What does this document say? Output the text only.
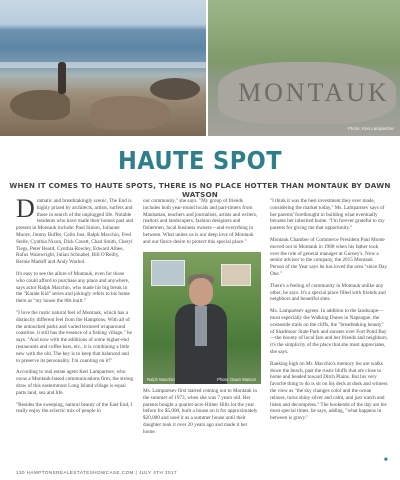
MONTAUK
Photo: Ken Lampertzer
HAUTE SPOT
WHEN IT COMES TO HAUTE SPOTS, THERE IS NO PLACE HOTTER THAN MONTAUK BY DAWN WATSON

Dramatic and breathtakingly scenic, The End is highly prized by architects, artists, surfers and those in search of the unplugged life. Notable residents who have made their homes past and present in Montauk include: Paul Simon, Julianne Moore, Jimmy Buffet, Colin Jost, Ralph Macchio, Fred Stelle, Cynthia Nixon, Dick Cavett, Chad Smith, Cheryl Tiegs, Peter Beard, Cynthia Rowley, Edward Albee, Rufus Wainwright, Julian Schnabel, Bill O'Reilly, Bernie Madoff and Andy Warhol.

It's easy to see the allure of Montauk, even for those who could afford to purchase any place and anywhere, says actor Ralph Macchio, who made his big break in the "Karate Kid" series and jokingly refers to his home there as "my house the 80s built."

"I love the rustic natural feel of Montauk, which has a distinctly different feel from the Hamptons. With all of the untouched parks and varied textured wraparound coastline, it still has the essence of a fishing village," he says. "And now with the additions of some higher-end restaurants and coffee bars, etc., it is combining a little new with the old. The key is to keep that balanced and to preserve its personality. I'm counting on it!"

According to real estate agent Keri Lampartsev, who owns a Montauk-based communications firm, the strong draw of this easternmost Long Island village is equal parts land, sea and life.

"Besides the sweeping, natural beauty of the East End, I really enjoy the eclectic mix of people in

our community," she says. "My group of friends includes both year-round locals and part-timers from Manhattan, teachers and journalists, artists and writers, realtors and landscapers, fashion designers and fishermen, local business owners—and everything in between. What unites us is our deep love of Montauk and our fierce desire to protect this special place."

Ralph Macchio	Photo: Dawn Watson

Ms. Lampartsev first started coming out to Montauk in the summer of 1973, when she was 7 years old. Her parents bought a quarter-acre Hither Hills lot the year before for $5,000, built a house on it for approximately $20,000 and used it as a summer house until their daughter took it over 20 years ago and made it her home.

"I think it was the best investment they ever made, considering the market today," Ms. Lampartsev says of her parents' forethought in building what eventually became her inherited home. "I'm forever grateful to my parents for giving me that opportunity."

Montauk Chamber of Commerce President Paul Monte moved out to Montauk in 1988 when his father took over the role of general manager at Gurney's. Now a senior advisor to the company, the 2015 Montauk Person of the Year says he has loved the area "since Day One."

There's a feeling of community in Montauk unlike any other, he says. It's a special place filled with friends and neighbors and beautiful sites.

Ms. Lampartsev agrees. In addition to the landscape—most especially the Walking Dunes in Napeague, the oceanside trails on the cliffs, the "breathtaking beauty" of Shadmoor State Park and sunsets over Fort Pond Bay—the bounty of local fare and her friends and neighbors, it's the simplicity of the place that she most appreciates, she says.

Ranking high on Mr. Macchio's memory list are walks down the beach, past the rustic bluffs that are close to home and headed toward Ditch Plains. But his very favorite thing to do is sit on his deck at dusk and witness the view as "the sky changes color and the ocean relaxes, turns shiny silver and calm, and just watch and listen and decompress." The bookends of the day are his most special times, he says, adding, "what happens in between is gravy."

■
130 HAMPTONSREALESTATESHOWCASE.COM | JULY 4TH 2017
